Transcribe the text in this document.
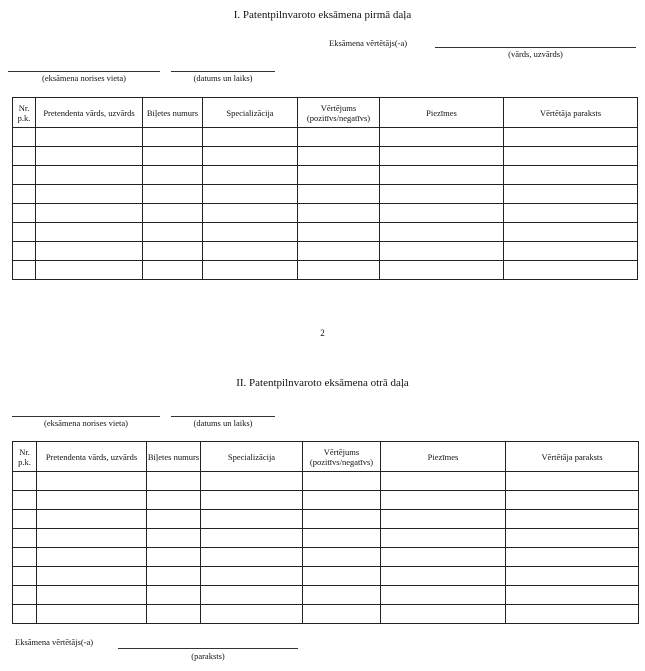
I. Patentpilnvaroto eksāmena pirmā daļa
Eksāmena vērtētājs(-a)
(vārds, uzvārds)
(eksāmena norises vieta)	(datums un laiks)
Nr. p.k.	Pretendenta vārds, uzvārds	Biļetes numurs	Specializācija	Vērtējums (pozitīvs/negatīvs)	Piezīmes	Vērtētāja paraksts

2
II. Patentpilnvaroto eksāmena otrā daļa
(eksāmena norises vieta)	(datums un laiks)
Nr. p.k.	Pretendenta vārds, uzvārds	Biļetes numurs	Specializācija	Vērtējums (pozitīvs/negatīvs)	Piezīmes	Vērtētāja paraksts

Eksāmena vērtētājs(-a)
(paraksts)
